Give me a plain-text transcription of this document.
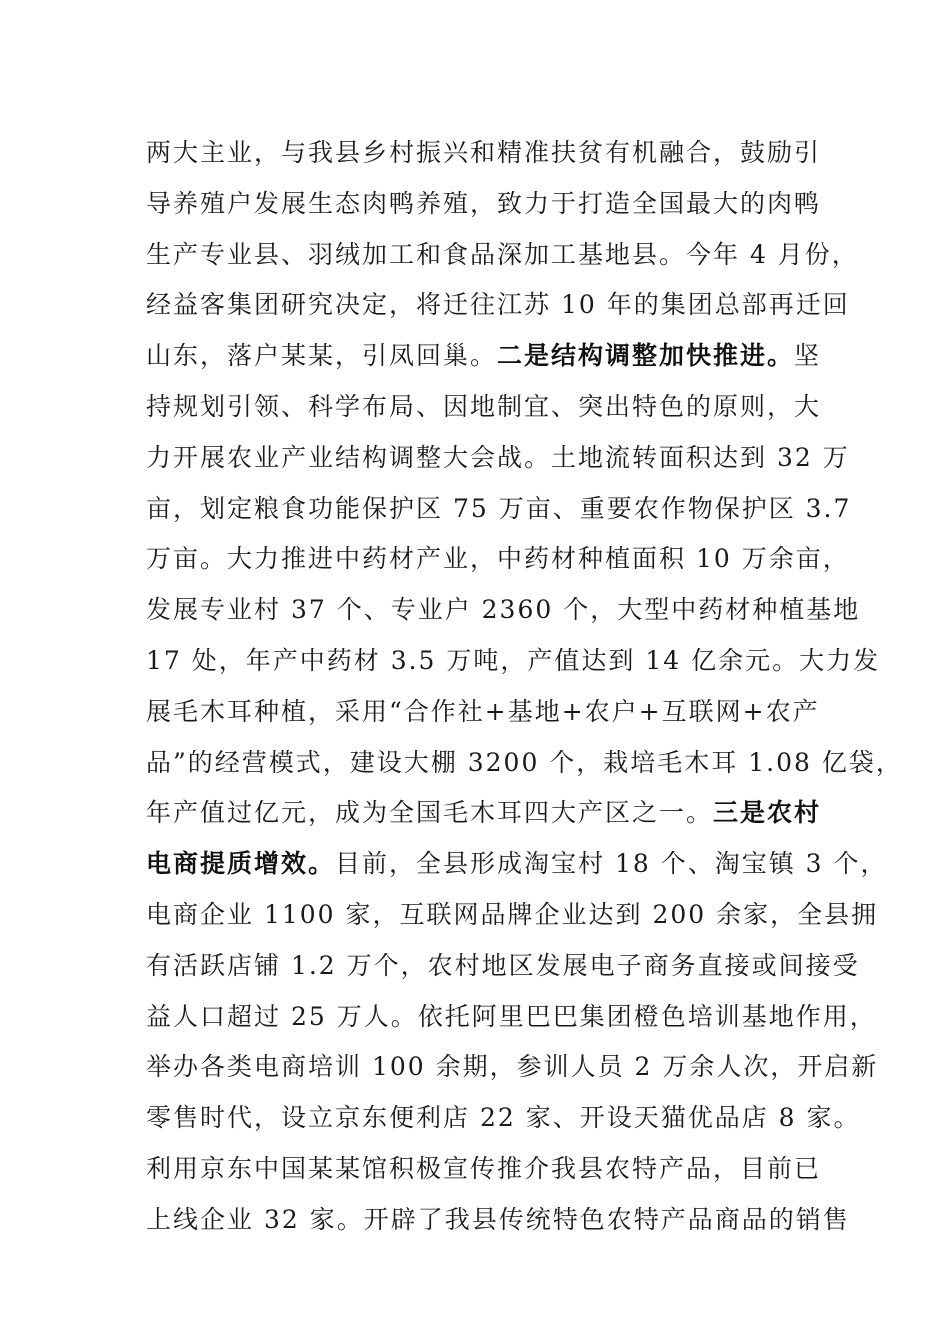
两大主业，与我县乡村振兴和精准扶贫有机融合，鼓励引
导养殖户发展生态肉鸭养殖，致力于打造全国最大的肉鸭
生产专业县、羽绒加工和食品深加工基地县。今年 4 月份，
经益客集团研究决定，将迁往江苏 10 年的集团总部再迁回
山东，落户某某，引凤回巢。二是结构调整加快推进。坚
持规划引领、科学布局、因地制宜、突出特色的原则，大
力开展农业产业结构调整大会战。土地流转面积达到 32 万
亩，划定粮食功能保护区 75 万亩、重要农作物保护区 3.7
万亩。大力推进中药材产业，中药材种植面积 10 万余亩，
发展专业村 37 个、专业户 2360 个，大型中药材种植基地
17 处，年产中药材 3.5 万吨，产值达到 14 亿余元。大力发
展毛木耳种植，采用“合作社+基地+农户+互联网+农产
品”的经营模式，建设大棚 3200 个，栽培毛木耳 1.08 亿袋，
年产值过亿元，成为全国毛木耳四大产区之一。三是农村
电商提质增效。目前，全县形成淘宝村 18 个、淘宝镇 3 个，
电商企业 1100 家，互联网品牌企业达到 200 余家，全县拥
有活跃店铺 1.2 万个，农村地区发展电子商务直接或间接受
益人口超过 25 万人。依托阿里巴巴集团橙色培训基地作用，
举办各类电商培训 100 余期，参训人员 2 万余人次，开启新
零售时代，设立京东便利店 22 家、开设天猫优品店 8 家。
利用京东中国某某馆积极宣传推介我县农特产品，目前已
上线企业 32 家。开辟了我县传统特色农特产品商品的销售
